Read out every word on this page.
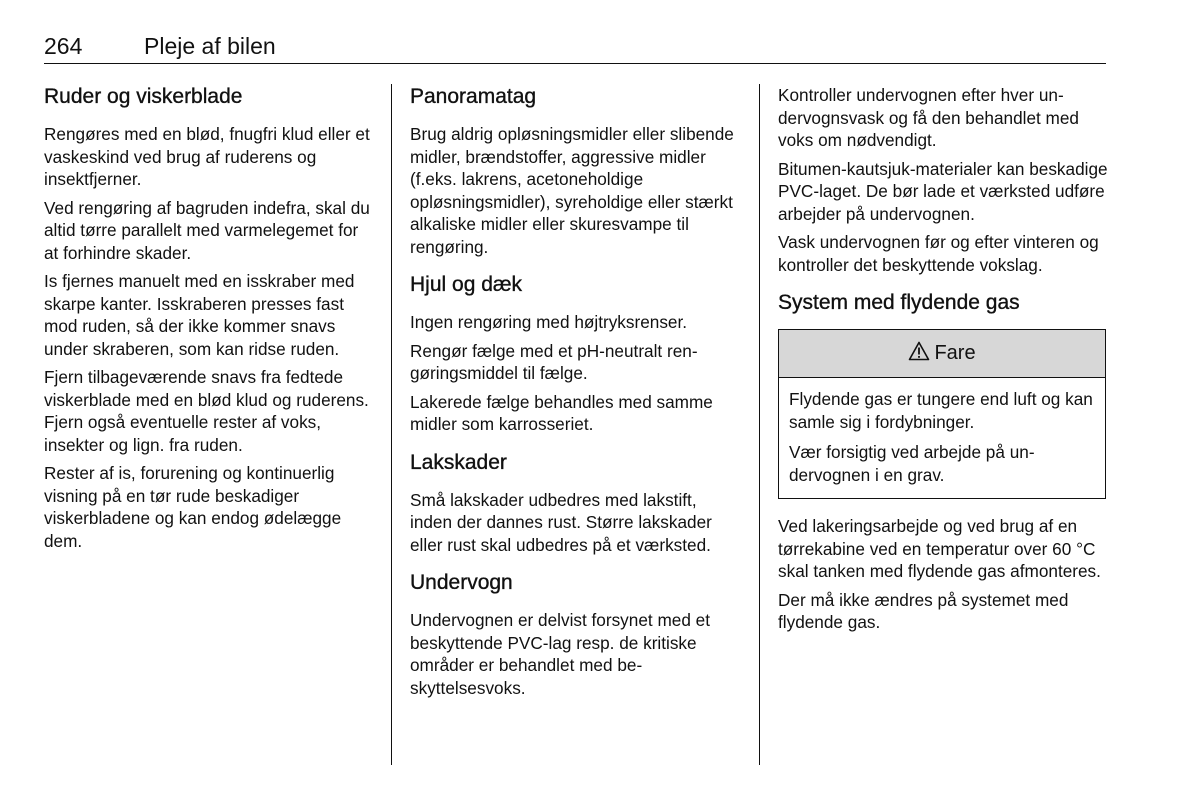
264	Pleje af bilen
Ruder og viskerblade

Rengøres med en blød, fnugfri klud eller et vaskeskind ved brug af ruderens og insektfjerner.

Ved rengøring af bagruden indefra, skal du altid tørre parallelt med varmelegemet for at forhindre skader.

Is fjernes manuelt med en isskraber med skarpe kanter. Isskraberen presses fast mod ruden, så der ikke kommer snavs under skraberen, som kan ridse ruden.

Fjern tilbageværende snavs fra fedtede viskerblade med en blød klud og ruderens. Fjern også eventuelle rester af voks, insekter og lign. fra ruden.

Rester af is, forurening og kontinuerlig visning på en tør rude beskadiger viskerbladene og kan endog ødelægge dem.

Panoramatag

Brug aldrig opløsningsmidler eller slibende midler, brændstoffer, aggressive midler (f.eks. lakrens, acetoneholdige opløsningsmidler), syreholdige eller stærkt alkaliske midler eller skuresvampe til rengøring.

Hjul og dæk

Ingen rengøring med højtryksrenser.

Rengør fælge med et pH-neutralt rengøringsmiddel til fælge.

Lakerede fælge behandles med samme midler som karrosseriet.

Lakskader

Små lakskader udbedres med lakstift, inden der dannes rust. Større lakskader eller rust skal udbedres på et værksted.

Undervogn

Undervognen er delvist forsynet med et beskyttende PVC-lag resp. de kritiske områder er behandlet med beskyttelsesvoks.

Kontroller undervognen efter hver undervognsvask og få den behandlet med voks om nødvendigt.

Bitumen-kautsjuk-materialer kan beskadige PVC-laget. De bør lade et værksted udføre arbejder på undervognen.

Vask undervognen før og efter vinteren og kontroller det beskyttende vokslag.

System med flydende gas
Fare

Flydende gas er tungere end luft og kan samle sig i fordybninger.

Vær forsigtig ved arbejde på undervognen i en grav.

Ved lakeringsarbejde og ved brug af en tørrekabine ved en temperatur over 60 °C skal tanken med flydende gas afmonteres.

Der må ikke ændres på systemet med flydende gas.
